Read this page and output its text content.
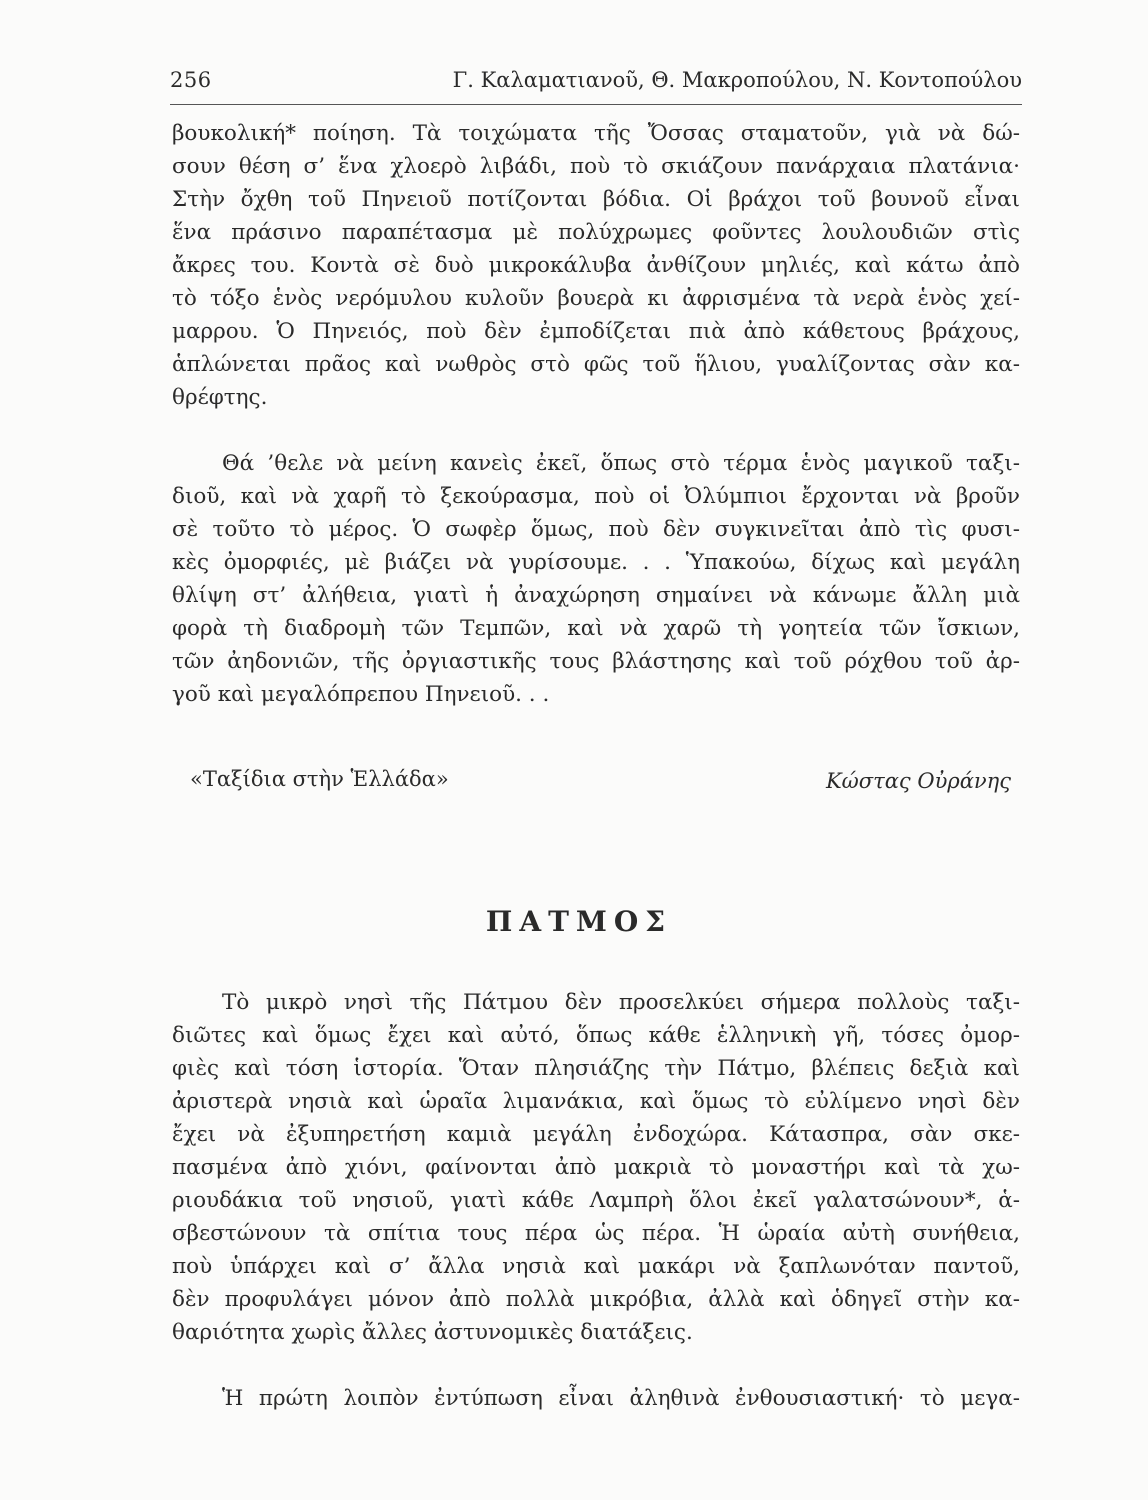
256	Γ. Καλαματιανοῦ, Θ. Μακροπούλου, Ν. Κοντοπούλου
βουκολική* ποίηση. Τὰ τοιχώματα τῆς Ὄσσας σταματοῦν, γιὰ νὰ δώ-
σουν θέση σ’ ἕνα χλοερὸ λιβάδι, ποὺ τὸ σκιάζουν πανάρχαια πλατάνια·
Στὴν ὄχθη τοῦ Πηνειοῦ ποτίζονται βόδια. Οἱ βράχοι τοῦ βουνοῦ εἶναι
ἕνα πράσινο παραπέτασμα μὲ πολύχρωμες φοῦντες λουλουδιῶν στὶς
ἄκρες του. Κοντὰ σὲ δυὸ μικροκάλυβα ἀνθίζουν μηλιές, καὶ κάτω ἀπὸ
τὸ τόξο ἑνὸς νερόμυλου κυλοῦν βουερὰ κι ἀφρισμένα τὰ νερὰ ἑνὸς χεί-
μαρρου. Ὁ Πηνειός, ποὺ δὲν ἐμποδίζεται πιὰ ἀπὸ κάθετους βράχους,
ἁπλώνεται πρᾶος καὶ νωθρὸς στὸ φῶς τοῦ ἥλιου, γυαλίζοντας σὰν κα-
θρέφτης.
Θά ’θελε νὰ μείνη κανεὶς ἐκεῖ, ὅπως στὸ τέρμα ἑνὸς μαγικοῦ ταξι-
διοῦ, καὶ νὰ χαρῆ τὸ ξεκούρασμα, ποὺ οἱ Ὀλύμπιοι ἔρχονται νὰ βροῦν
σὲ τοῦτο τὸ μέρος. Ὁ σωφὲρ ὅμως, ποὺ δὲν συγκινεῖται ἀπὸ τὶς φυσι-
κὲς ὀμορφιές, μὲ βιάζει νὰ γυρίσουμε. . . Ὑπακούω, δίχως καὶ μεγάλη
θλίψη στ’ ἀλήθεια, γιατὶ ἡ ἀναχώρηση σημαίνει νὰ κάνωμε ἄλλη μιὰ
φορὰ τὴ διαδρομὴ τῶν Τεμπῶν, καὶ νὰ χαρῶ τὴ γοητεία τῶν ἴσκιων,
τῶν ἀηδονιῶν, τῆς ὀργιαστικῆς τους βλάστησης καὶ τοῦ ρόχθου τοῦ ἀρ-
γοῦ καὶ μεγαλόπρεπου Πηνειοῦ. . .
«Ταξίδια στὴν Ἑλλάδα»	Κώστας Οὐράνης
ΠΑΤΜΟΣ
Τὸ μικρὸ νησὶ τῆς Πάτμου δὲν προσελκύει σήμερα πολλοὺς ταξι-
διῶτες καὶ ὅμως ἔχει καὶ αὐτό, ὅπως κάθε ἑλληνικὴ γῆ, τόσες ὀμορ-
φιὲς καὶ τόση ἱστορία. Ὅταν πλησιάζης τὴν Πάτμο, βλέπεις δεξιὰ καὶ
ἀριστερὰ νησιὰ καὶ ὡραῖα λιμανάκια, καὶ ὅμως τὸ εὐλίμενο νησὶ δὲν
ἔχει νὰ ἐξυπηρετήση καμιὰ μεγάλη ἐνδοχώρα. Κάτασπρα, σὰν σκε-
πασμένα ἀπὸ χιόνι, φαίνονται ἀπὸ μακριὰ τὸ μοναστήρι καὶ τὰ χω-
ριουδάκια τοῦ νησιοῦ, γιατὶ κάθε Λαμπρὴ ὅλοι ἐκεῖ γαλατσώνουν*, ἁ-
σβεστώνουν τὰ σπίτια τους πέρα ὡς πέρα. Ἡ ὡραία αὐτὴ συνήθεια,
ποὺ ὑπάρχει καὶ σ’ ἄλλα νησιὰ καὶ μακάρι νὰ ξαπλωνόταν παντοῦ,
δὲν προφυλάγει μόνον ἀπὸ πολλὰ μικρόβια, ἀλλὰ καὶ ὁδηγεῖ στὴν κα-
θαριότητα χωρὶς ἄλλες ἀστυνομικὲς διατάξεις.
Ἡ πρώτη λοιπὸν ἐντύπωση εἶναι ἀληθινὰ ἐνθουσιαστική· τὸ μεγα-
